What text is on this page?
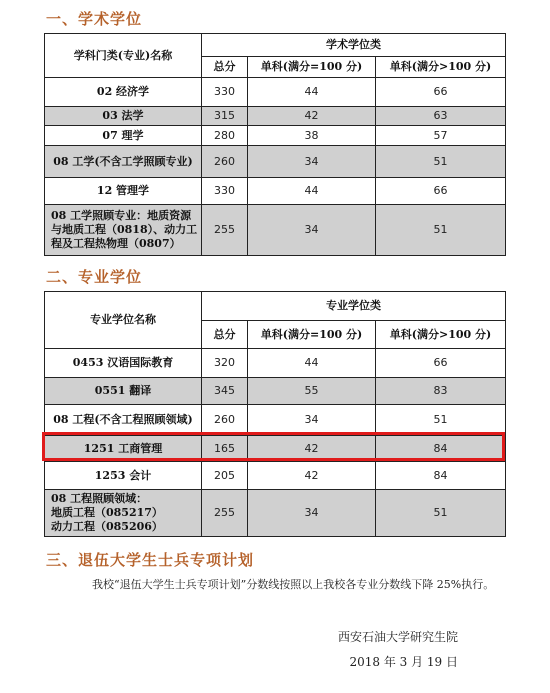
一、学术学位
学科门类(专业)名称	学术学位类		
	总分	单科(满分=100 分)	单科(满分>100 分)
02 经济学	330	44	66
03 法学	315	42	63
07 理学	280	38	57
08 工学(不含工学照顾专业)	260	34	51
12 管理学	330	44	66
08 工学照顾专业：地质资源与地质工程（0818）、动力工程及工程热物理（0807）	255	34	51
二、专业学位
专业学位名称	专业学位类		
	总分	单科(满分=100 分)	单科(满分>100 分)
0453 汉语国际教育	320	44	66
0551 翻译	345	55	83
08 工程(不含工程照顾领域)	260	34	51
1251 工商管理	165	42	84
1253 会计	205	42	84
08 工程照顾领域：
地质工程（085217）
动力工程（085206）	255	34	51
三、退伍大学生士兵专项计划
我校“退伍大学生士兵专项计划”分数线按照以上我校各专业分数线下降 25%执行。
西安石油大学研究生院
2018 年 3 月 19 日
